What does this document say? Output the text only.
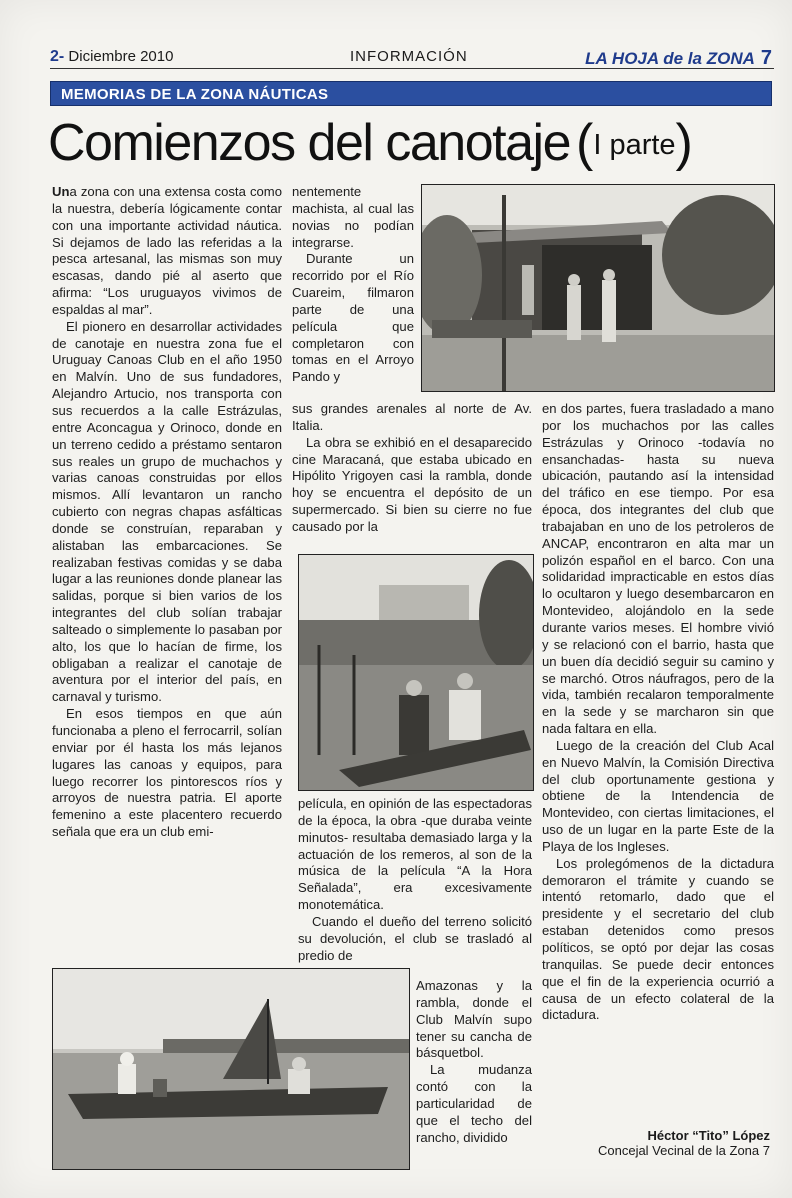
2- Diciembre 2010	INFORMACIÓN	LA HOJA de la ZONA 7
MEMORIAS DE LA ZONA NÁUTICAS
Comienzos del canotaje $^{(I parte)}$

Una zona con una extensa costa como la nuestra, debería lógicamente contar con una importante actividad náutica. Si dejamos de lado las referidas a la pesca artesanal, las mismas son muy escasas, dando pié al aserto que afirma: “Los uruguayos vivimos de espaldas al mar”.

El pionero en desarrollar actividades de canotaje en nuestra zona fue el Uruguay Canoas Club en el año 1950 en Malvín. Uno de sus fundadores, Alejandro Artucio, nos transporta con sus recuerdos a la calle Estrázulas, entre Aconcagua y Orinoco, donde en un terreno cedido a préstamo sentaron sus reales un grupo de muchachos y varias canoas construidas por ellos mismos. Allí levantaron un rancho cubierto con negras chapas asfálticas donde se construían, reparaban y alistaban las embarcaciones. Se realizaban festivas comidas y se daba lugar a las reuniones donde planear las salidas, porque si bien varios de los integrantes del club solían trabajar salteado o simplemente lo pasaban por alto, los que lo hacían de firme, los obligaban a realizar el canotaje de aventura por el interior del país, en carnaval y turismo.

En esos tiempos en que aún funcionaba a pleno el ferrocarril, solían enviar por él hasta los más lejanos lugares las canoas y equipos, para luego recorrer los pintorescos ríos y arroyos de nuestra patria. El aporte femenino a este placentero recuerdo señala que era un club emi-

nentemente machista, al cual las novias no podían integrarse.

Durante un recorrido por el Río Cuareim, filmaron parte de una película que completaron con tomas en el Arroyo Pando y

sus grandes arenales al norte de Av. Italia.

La obra se exhibió en el desaparecido cine Maracaná, que estaba ubicado en Hipólito Yrigoyen casi la rambla, donde hoy se encuentra el depósito de un supermercado. Si bien su cierre no fue causado por la

película, en opinión de las espectadoras de la época, la obra -que duraba veinte minutos- resultaba demasiado larga y la actuación de los remeros, al son de la música de la película “A la Hora Señalada”, era excesivamente monotemática.

Cuando el dueño del terreno solicitó su devolución, el club se trasladó al predio de

Amazonas y la rambla, donde el Club Malvín supo tener su cancha de básquetbol.

La mudanza contó con la particularidad de que el techo del rancho, dividido

en dos partes, fuera trasladado a mano por los muchachos por las calles Estrázulas y Orinoco -todavía no ensanchadas- hasta su nueva ubicación, pautando así la intensidad del tráfico en ese tiempo. Por esa época, dos integrantes del club que trabajaban en uno de los petroleros de ANCAP, encontraron en alta mar un polizón español en el barco. Con una solidaridad impracticable en estos días lo ocultaron y luego desembarcaron en Montevideo, alojándolo en la sede durante varios meses. El hombre vivió y se relacionó con el barrio, hasta que un buen día decidió seguir su camino y se marchó. Otros náufragos, pero de la vida, también recalaron temporalmente en la sede y se marcharon sin que nada faltara en ella.

Luego de la creación del Club Acal en Nuevo Malvín, la Comisión Directiva del club oportunamente gestiona y obtiene de la Intendencia de Montevideo, con ciertas limitaciones, el uso de un lugar en la parte Este de la Playa de los Ingleses.

Los prolegómenos de la dictadura demoraron el trámite y cuando se intentó retomarlo, dado que el presidente y el secretario del club estaban detenidos como presos políticos, se optó por dejar las cosas tranquilas. Se puede decir entonces que el fin de la experiencia ocurrió a causa de un efecto colateral de la dictadura.

Héctor “Tito” López
Concejal Vecinal de la Zona 7
